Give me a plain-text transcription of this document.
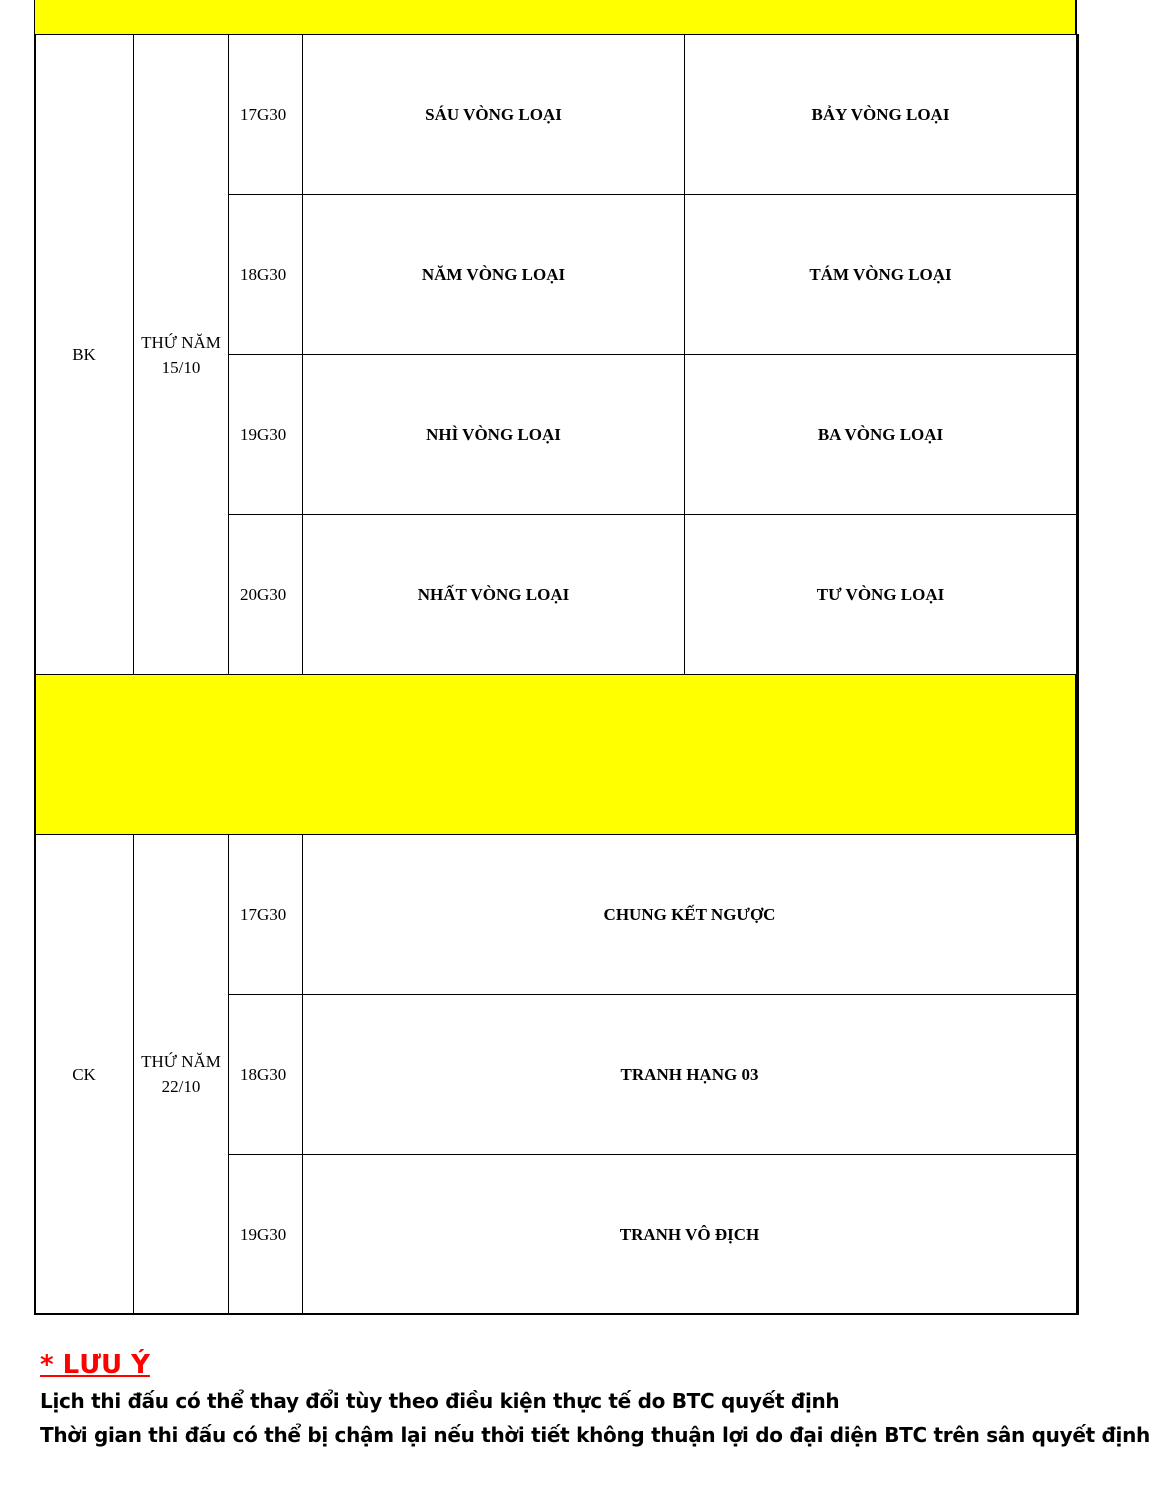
BK
THỨ NĂM
15/10
17G30	SÁU VÒNG LOẠI	BẢY VÒNG LOẠI
18G30	NĂM VÒNG LOẠI	TÁM VÒNG LOẠI
19G30	NHÌ VÒNG LOẠI	BA VÒNG LOẠI
20G30	NHẤT VÒNG LOẠI	TƯ VÒNG LOẠI
CK
THỨ NĂM
22/10
17G30	CHUNG KẾT NGƯỢC
18G30	TRANH HẠNG 03
19G30	TRANH VÔ ĐỊCH
* LƯU Ý
Lịch thi đấu có thể thay đổi tùy theo điều kiện thực tế do BTC quyết định
Thời gian thi đấu có thể bị chậm lại nếu thời tiết không thuận lợi do đại diện BTC trên sân quyết định
